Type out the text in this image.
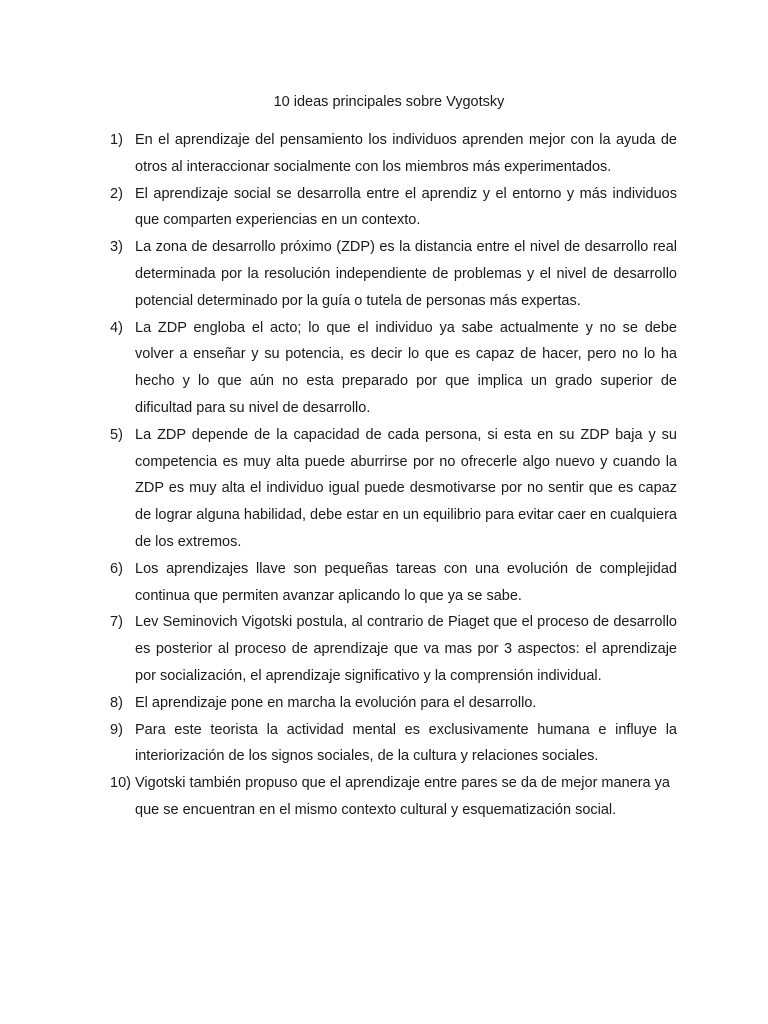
10 ideas principales sobre Vygotsky
1) En el aprendizaje del pensamiento los individuos aprenden mejor con la ayuda de otros al interaccionar socialmente con los miembros más experimentados.
2) El aprendizaje social se desarrolla entre el aprendiz y el entorno y más individuos que comparten experiencias en un contexto.
3) La zona de desarrollo próximo (ZDP) es la distancia entre el nivel de desarrollo real determinada por la resolución independiente de problemas y el nivel de desarrollo potencial determinado por la guía o tutela de personas más expertas.
4) La ZDP engloba el acto; lo que el individuo ya sabe actualmente y no se debe volver a enseñar y su potencia, es decir lo que es capaz de hacer, pero no lo ha hecho y lo que aún no esta preparado por que implica un grado superior de dificultad para su nivel de desarrollo.
5) La ZDP depende de la capacidad de cada persona, si esta en su ZDP baja y su competencia es muy alta puede aburrirse por no ofrecerle algo nuevo y cuando la ZDP es muy alta el individuo igual puede desmotivarse por no sentir que es capaz de lograr alguna habilidad, debe estar en un equilibrio para evitar caer en cualquiera de los extremos.
6) Los aprendizajes llave son pequeñas tareas con una evolución de complejidad continua que permiten avanzar aplicando lo que ya se sabe.
7) Lev Seminovich Vigotski postula, al contrario de Piaget que el proceso de desarrollo es posterior al proceso de aprendizaje que va mas por 3 aspectos: el aprendizaje por socialización, el aprendizaje significativo y la comprensión individual.
8) El aprendizaje pone en marcha la evolución para el desarrollo.
9) Para este teorista la actividad mental es exclusivamente humana e influye la interiorización de los signos sociales, de la cultura y relaciones sociales.
10) Vigotski también propuso que el aprendizaje entre pares se da de mejor manera ya que se encuentran en el mismo contexto cultural y esquematización social.
